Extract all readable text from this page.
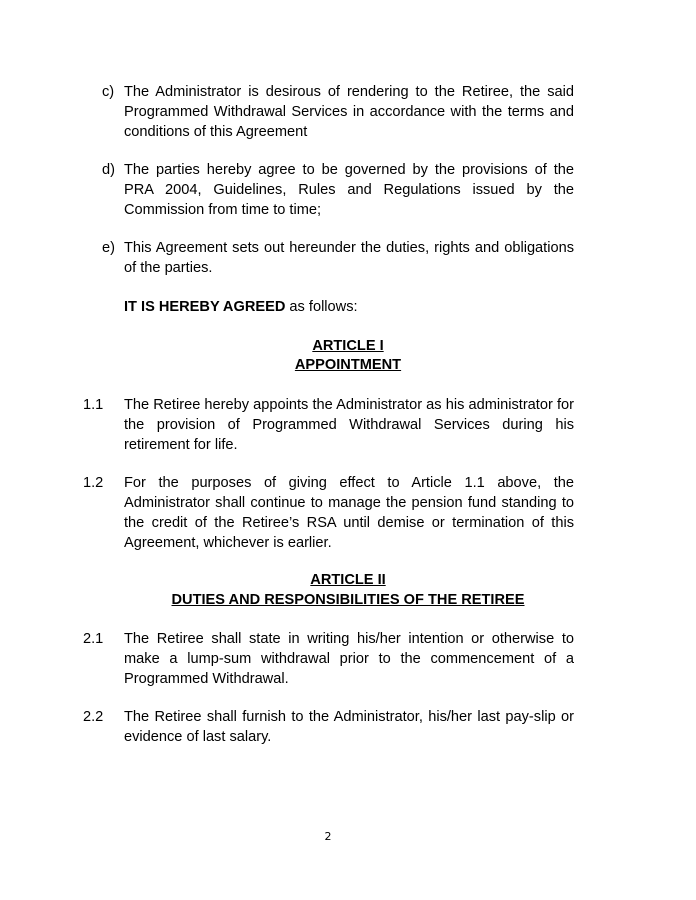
c) The Administrator is desirous of rendering to the Retiree, the said Programmed Withdrawal Services in accordance with the terms and conditions of this Agreement
d) The parties hereby agree to be governed by the provisions of the PRA 2004, Guidelines, Rules and Regulations issued by the Commission from time to time;
e) This Agreement sets out hereunder the duties, rights and obligations of the parties.
IT IS HEREBY AGREED as follows:
ARTICLE I
APPOINTMENT
1.1 The Retiree hereby appoints the Administrator as his administrator for the provision of Programmed Withdrawal Services during his retirement for life.
1.2 For the purposes of giving effect to Article 1.1 above, the Administrator shall continue to manage the pension fund standing to the credit of the Retiree’s RSA until demise or termination of this Agreement, whichever is earlier.
ARTICLE II
DUTIES AND RESPONSIBILITIES OF THE RETIREE
2.1 The Retiree shall state in writing his/her intention or otherwise to make a lump-sum withdrawal prior to the commencement of a Programmed Withdrawal.
2.2 The Retiree shall furnish to the Administrator, his/her last pay-slip or evidence of last salary.
2
